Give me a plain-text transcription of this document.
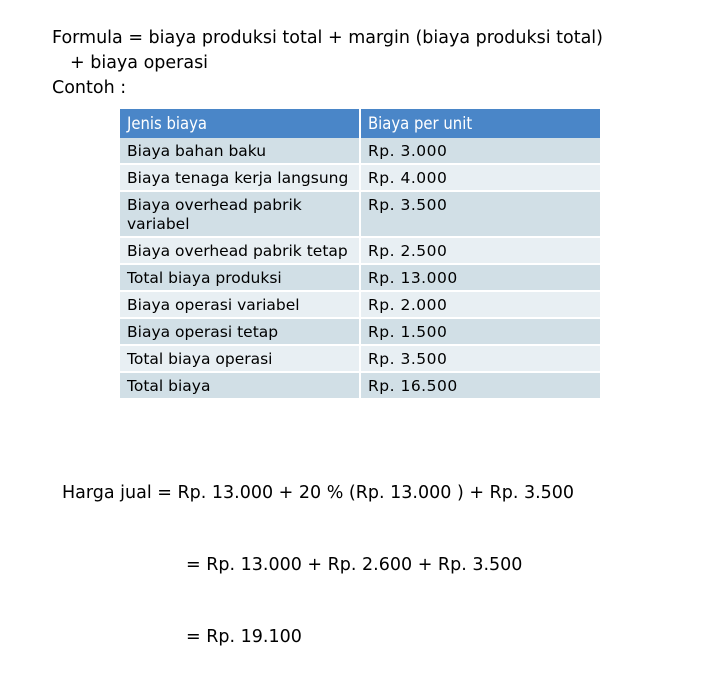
Formula = biaya produksi total + margin (biaya produksi total)
+ biaya operasi
Contoh :
Jenis biaya	Biaya per unit
Biaya bahan baku	Rp. 3.000
Biaya tenaga kerja langsung	Rp. 4.000
Biaya overhead pabrik variabel	Rp. 3.500
Biaya overhead pabrik tetap	Rp. 2.500
Total biaya produksi	Rp. 13.000
Biaya operasi variabel	Rp. 2.000
Biaya operasi tetap	Rp. 1.500
Total biaya operasi	Rp. 3.500
Total biaya	Rp. 16.500

Harga jual = Rp. 13.000 + 20 % (Rp. 13.000 ) + Rp. 3.500

= Rp. 13.000 + Rp. 2.600 + Rp. 3.500

= Rp. 19.100
